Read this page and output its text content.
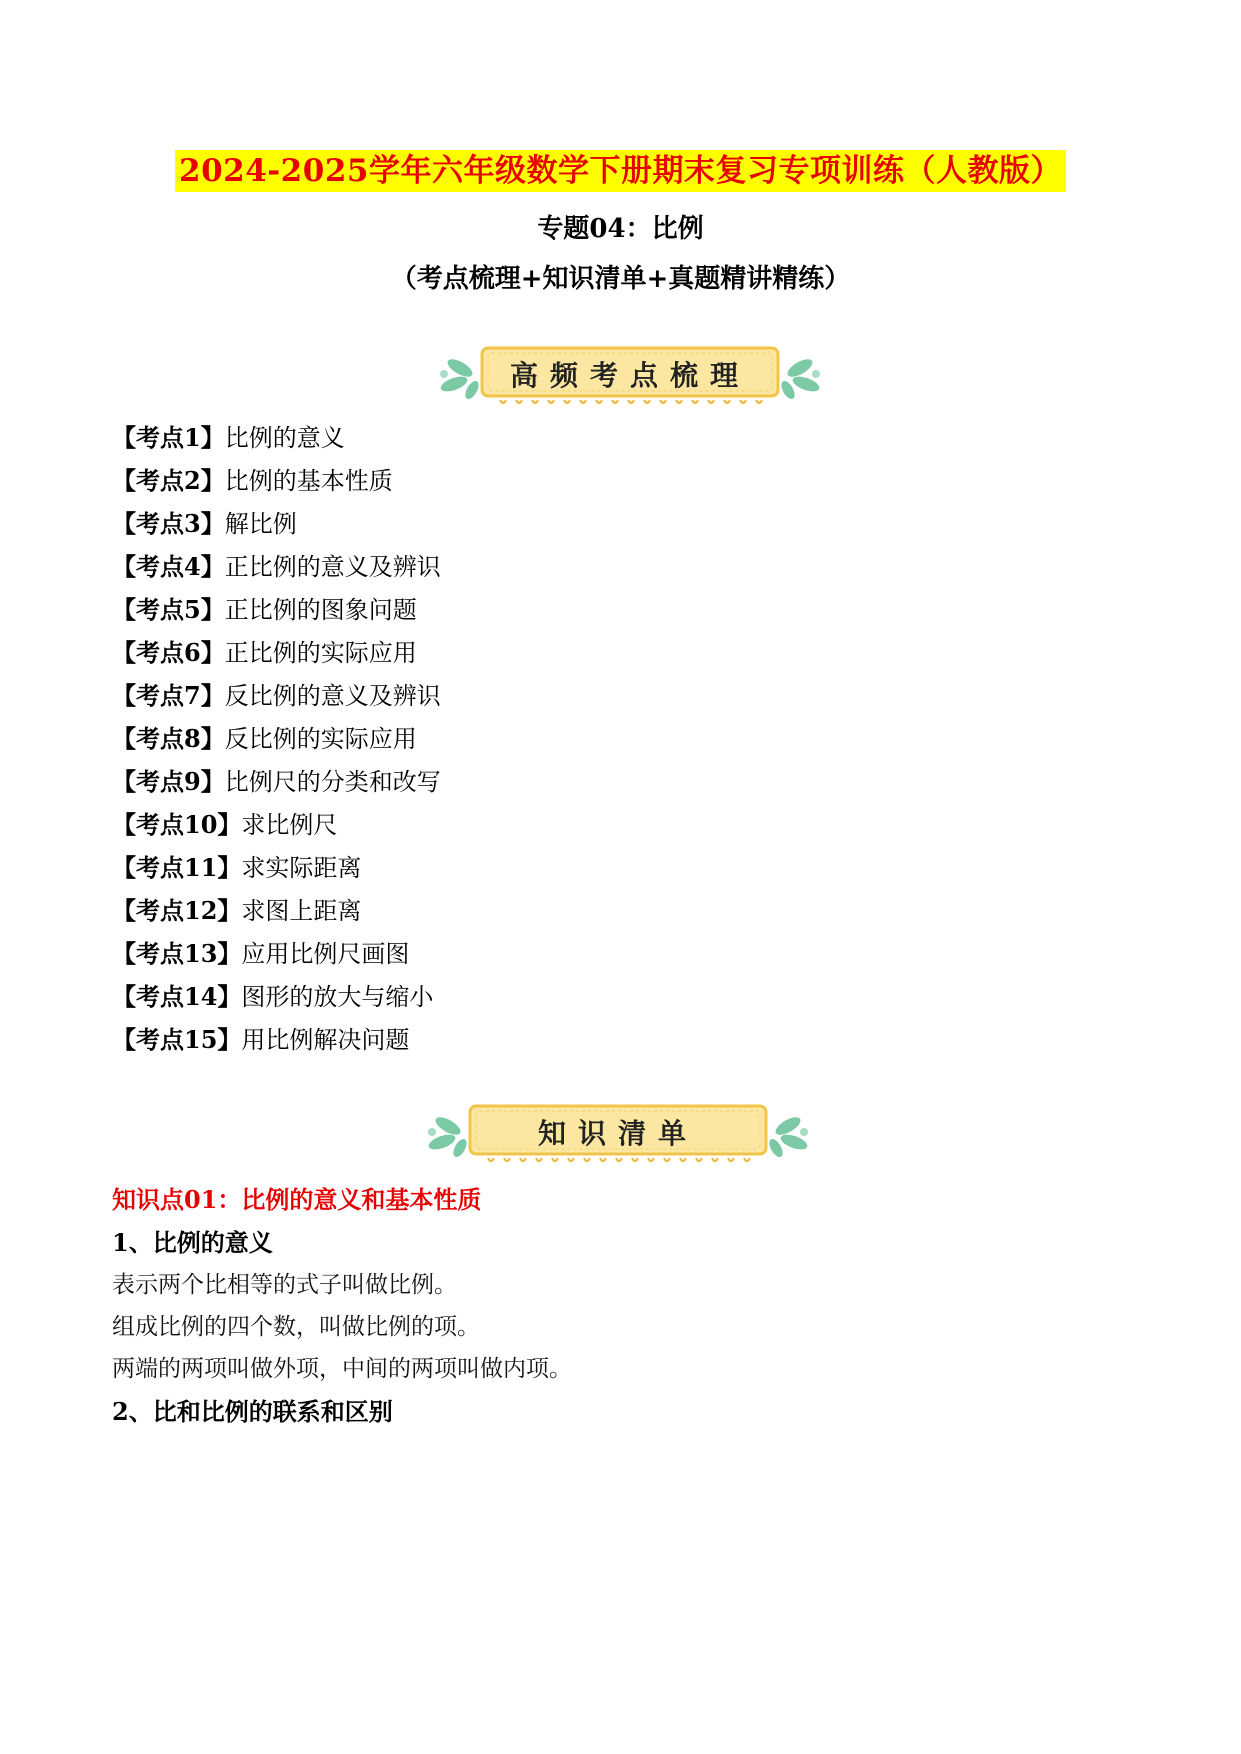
2024-2025学年六年级数学下册期末复习专项训练（人教版）
专题04：比例
（考点梳理+知识清单+真题精讲精练）
高频考点梳理
【考点1】比例的意义
【考点2】比例的基本性质
【考点3】解比例
【考点4】正比例的意义及辨识
【考点5】正比例的图象问题
【考点6】正比例的实际应用
【考点7】反比例的意义及辨识
【考点8】反比例的实际应用
【考点9】比例尺的分类和改写
【考点10】求比例尺
【考点11】求实际距离
【考点12】求图上距离
【考点13】应用比例尺画图
【考点14】图形的放大与缩小
【考点15】用比例解决问题
知识清单
知识点01：比例的意义和基本性质
1、比例的意义
表示两个比相等的式子叫做比例。
组成比例的四个数，叫做比例的项。
两端的两项叫做外项，中间的两项叫做内项。
2、比和比例的联系和区别
